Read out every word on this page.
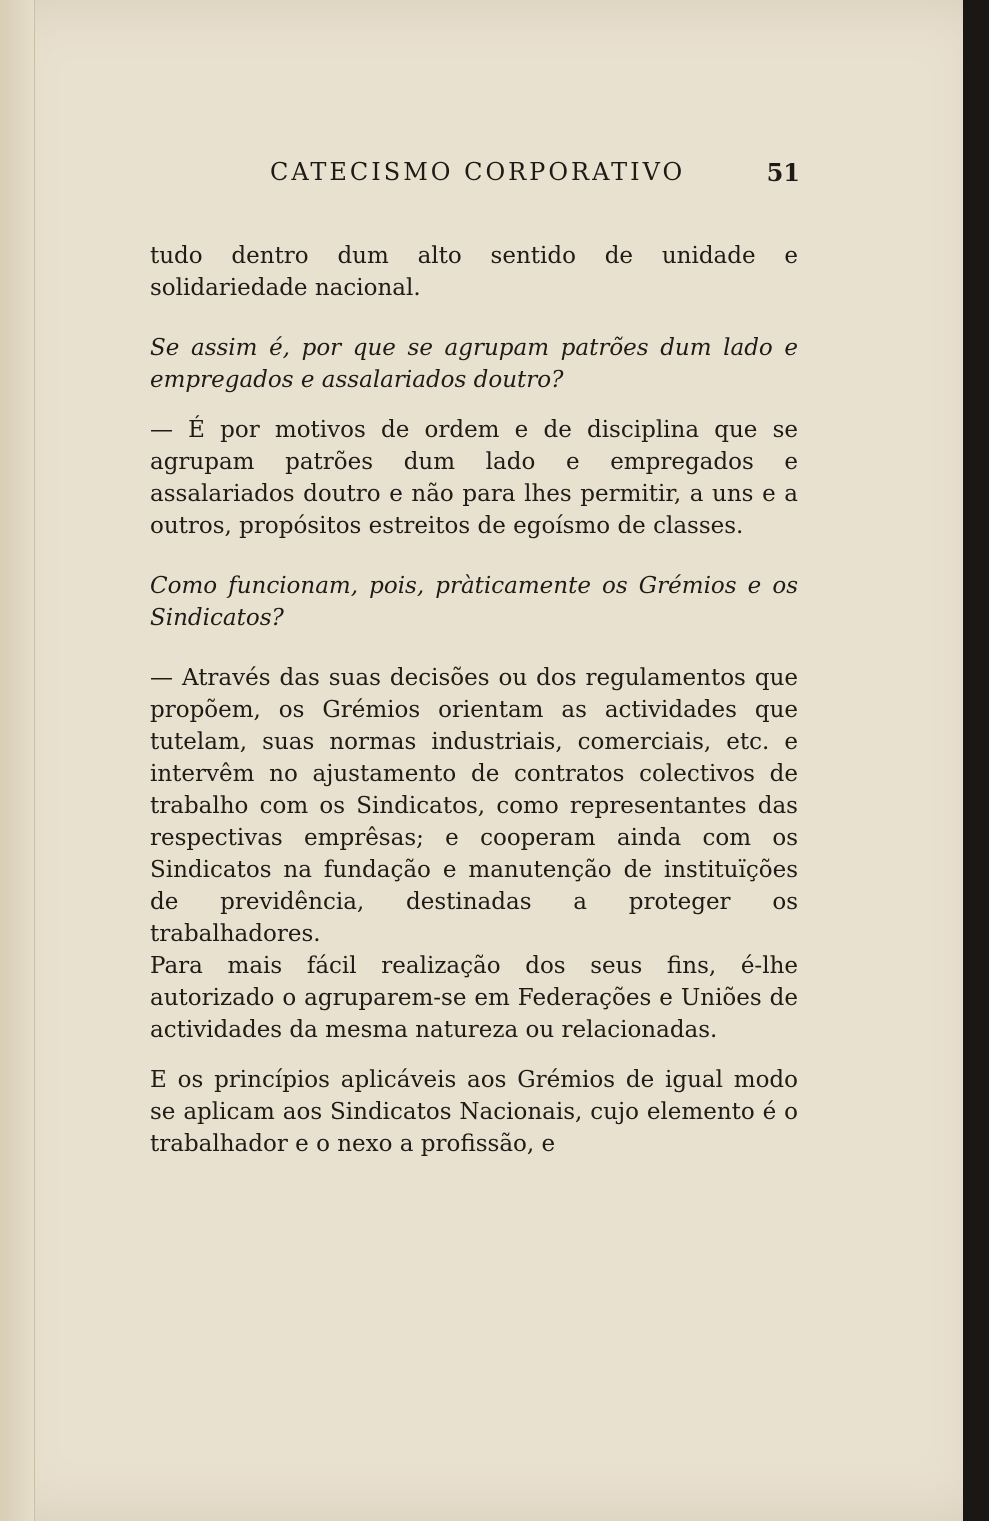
CATECISMO CORPORATIVO	51

tudo dentro dum alto sentido de unidade e solidariedade nacional.

Se assim é, por que se agrupam patrões dum lado e empregados e assalariados doutro?

— É por motivos de ordem e de disciplina que se agrupam patrões dum lado e empregados e assalariados doutro e não para lhes permitir, a uns e a outros, propósitos estreitos de egoísmo de classes.

Como funcionam, pois, pràticamente os Grémios e os Sindicatos?

— Através das suas decisões ou dos regulamentos que propõem, os Grémios orientam as actividades que tutelam, suas normas industriais, comerciais, etc. e intervêm no ajustamento de contratos colectivos de trabalho com os Sindicatos, como representantes das respectivas emprêsas; e cooperam ainda com os Sindicatos na fundação e manutenção de instituïções de previdência, destinadas a proteger os trabalhadores.

Para mais fácil realização dos seus fins, é-lhe autorizado o agruparem-se em Federações e Uniões de actividades da mesma natureza ou relacionadas.

E os princípios aplicáveis aos Grémios de igual modo se aplicam aos Sindicatos Nacionais, cujo elemento é o trabalhador e o nexo a profissão, e
